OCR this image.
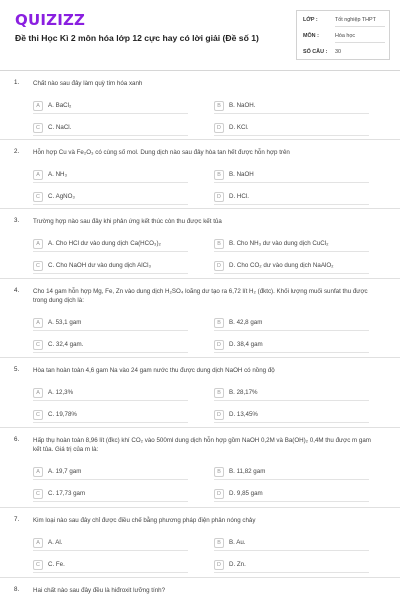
QUIZIZZ
Đề thi Học Kì 2 môn hóa lớp 12 cực hay có lời giải (Đề số 1)
LỚP :	Tốt nghiệp THPT
MÔN :	Hóa học
SỐ CÂU :	30
1. Chất nào sau đây làm quỳ tím hóa xanh
A	A. BaCl₂	B	B. NaOH.
C	C. NaCl.	D	D. KCl.
2. Hỗn hợp Cu và Fe₂O₃ có cùng số mol. Dung dịch nào sau đây hòa tan hết được hỗn hợp trên
A	A. NH₃	B	B. NaOH
C	C. AgNO₃	D	D. HCl.
3. Trường hợp nào sau đây khi phản ứng kết thúc còn thu được kết tủa
A	A. Cho HCl dư vào dung dịch Ca(HCO₃)₂	B	B. Cho NH₃ dư vào dung dịch CuCl₂
C	C. Cho NaOH dư vào dung dịch AlCl₃	D	D. Cho CO₂ dư vào dung dịch NaAlO₂
4. Cho 14 gam hỗn hợp Mg, Fe, Zn vào dung dịch H₂SO₄ loãng dư tạo ra 6,72 lít H₂ (đktc). Khối lượng muối sunfat thu được trong dung dịch là:
A	A. 53,1 gam	B	B. 42,8 gam
C	C. 32,4 gam.	D	D. 38,4 gam
5. Hòa tan hoàn toàn 4,6 gam Na vào 24 gam nước thu được dung dịch NaOH có nồng độ
A	A. 12,3%	B	B. 28,17%
C	C. 19,78%	D	D. 13,45%
6. Hấp thụ hoàn toàn 8,96 lít (đkc) khí CO₂ vào 500ml dung dịch hỗn hợp gồm NaOH 0,2M và Ba(OH)₂ 0,4M thu được m gam kết tủa. Giá trị của m là:
A	A. 19,7 gam	B	B. 11,82 gam
C	C. 17,73 gam	D	D. 9,85 gam
7. Kim loại nào sau đây chỉ được điều chế bằng phương pháp điện phân nóng chảy
A	A. Al.	B	B. Au.
C	C. Fe.	D	D. Zn.
8. Hai chất nào sau đây đều là hiđroxit lưỡng tính?
